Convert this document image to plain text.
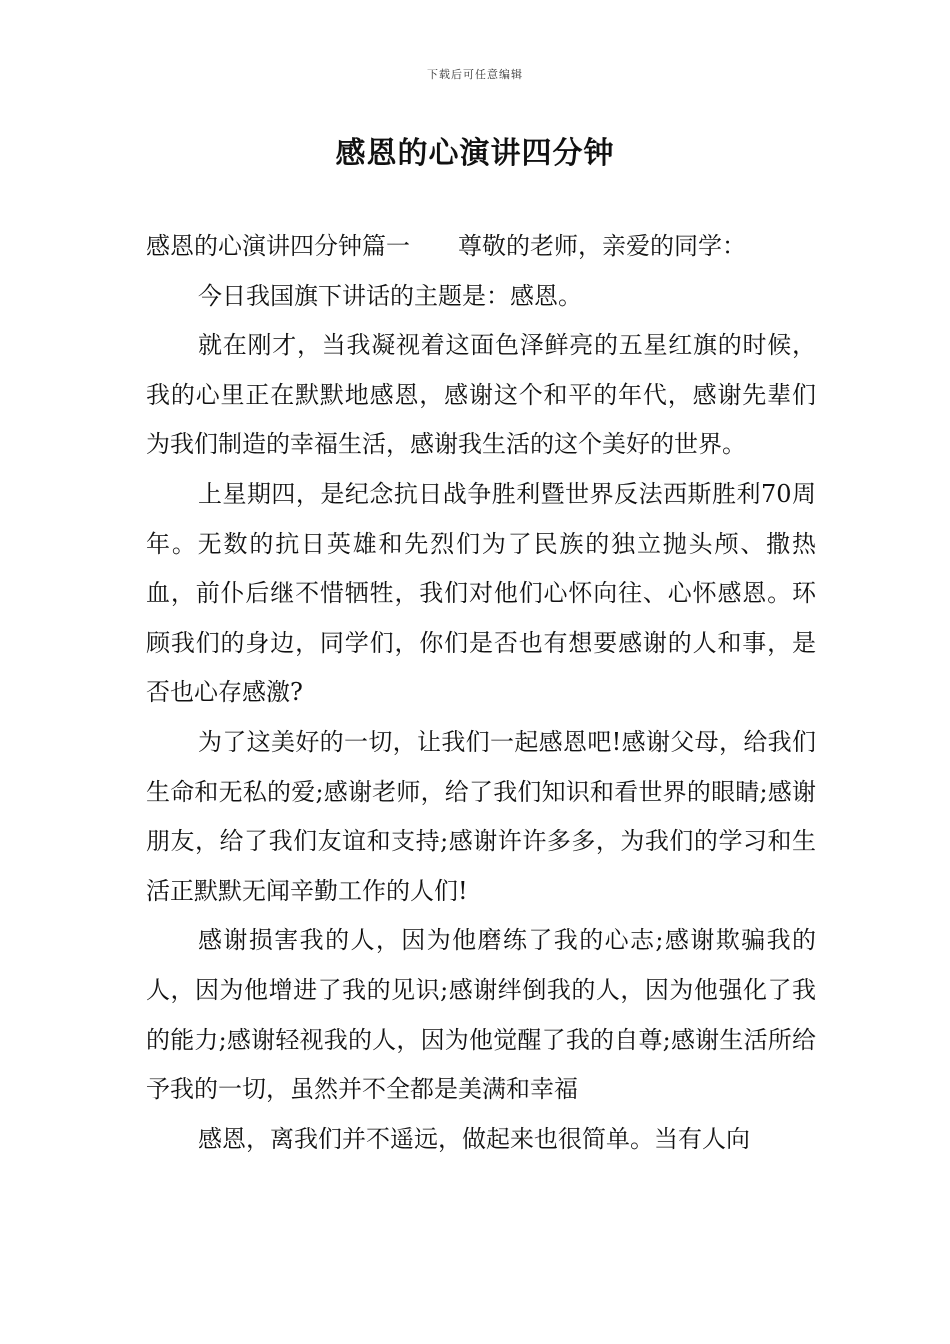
下载后可任意编辑
感恩的心演讲四分钟

感恩的心演讲四分钟篇一 尊敬的老师，亲爱的同学：

今日我国旗下讲话的主题是：感恩。

就在刚才，当我凝视着这面色泽鲜亮的五星红旗的时候，我的心里正在默默地感恩，感谢这个和平的年代，感谢先辈们为我们制造的幸福生活，感谢我生活的这个美好的世界。

上星期四，是纪念抗日战争胜利暨世界反法西斯胜利70周年。无数的抗日英雄和先烈们为了民族的独立抛头颅、撒热血，前仆后继不惜牺牲，我们对他们心怀向往、心怀感恩。环顾我们的身边，同学们，你们是否也有想要感谢的人和事，是否也心存感激?

为了这美好的一切，让我们一起感恩吧!感谢父母，给我们生命和无私的爱;感谢老师，给了我们知识和看世界的眼睛;感谢朋友，给了我们友谊和支持;感谢许许多多，为我们的学习和生活正默默无闻辛勤工作的人们!

感谢损害我的人，因为他磨练了我的心志;感谢欺骗我的人，因为他增进了我的见识;感谢绊倒我的人，因为他强化了我的能力;感谢轻视我的人，因为他觉醒了我的自尊;感谢生活所给予我的一切，虽然并不全都是美满和幸福

感恩，离我们并不遥远，做起来也很简单。当有人向
